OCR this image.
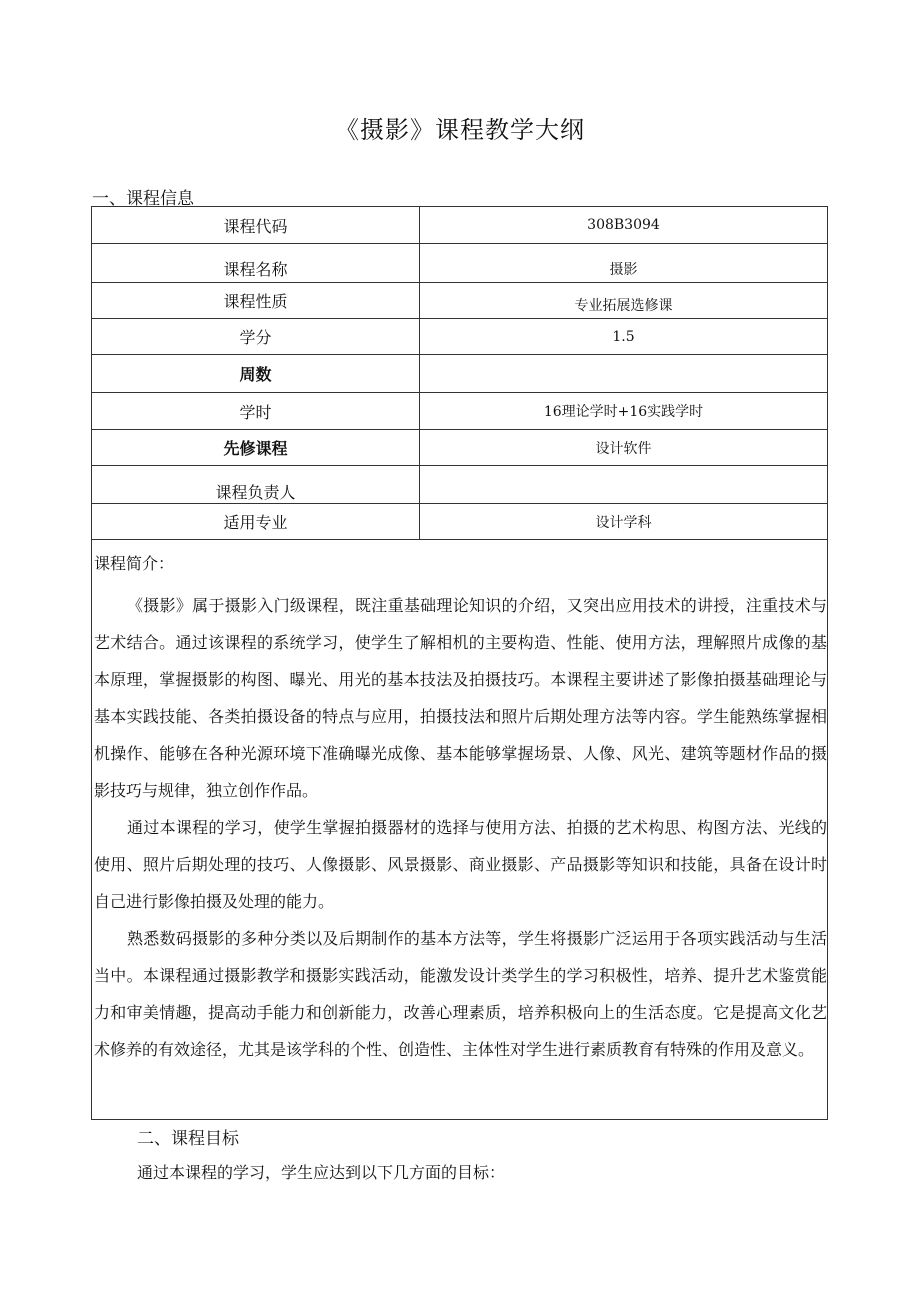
《摄影》课程教学大纲
一、课程信息
课程代码	308B3094
课程名称	摄影
课程性质	专业拓展选修课
学分	1.5
周数	
学时	16理论学时+16实践学时
先修课程	设计软件
课程负责人	
适用专业	设计学科
课程简介：

《摄影》属于摄影入门级课程，既注重基础理论知识的介绍，又突出应用技术的讲授，注重技术与艺术结合。通过该课程的系统学习，使学生了解相机的主要构造、性能、使用方法，理解照片成像的基本原理，掌握摄影的构图、曝光、用光的基本技法及拍摄技巧。本课程主要讲述了影像拍摄基础理论与基本实践技能、各类拍摄设备的特点与应用，拍摄技法和照片后期处理方法等内容。学生能熟练掌握相机操作、能够在各种光源环境下准确曝光成像、基本能够掌握场景、人像、风光、建筑等题材作品的摄影技巧与规律，独立创作作品。

通过本课程的学习，使学生掌握拍摄器材的选择与使用方法、拍摄的艺术构思、构图方法、光线的使用、照片后期处理的技巧、人像摄影、风景摄影、商业摄影、产品摄影等知识和技能，具备在设计时自己进行影像拍摄及处理的能力。

熟悉数码摄影的多种分类以及后期制作的基本方法等，学生将摄影广泛运用于各项实践活动与生活当中。本课程通过摄影教学和摄影实践活动，能激发设计类学生的学习积极性，培养、提升艺术鉴赏能力和审美情趣，提高动手能力和创新能力，改善心理素质，培养积极向上的生活态度。它是提高文化艺术修养的有效途径，尤其是该学科的个性、创造性、主体性对学生进行素质教育有特殊的作用及意义。

二、课程目标
通过本课程的学习，学生应达到以下几方面的目标：
